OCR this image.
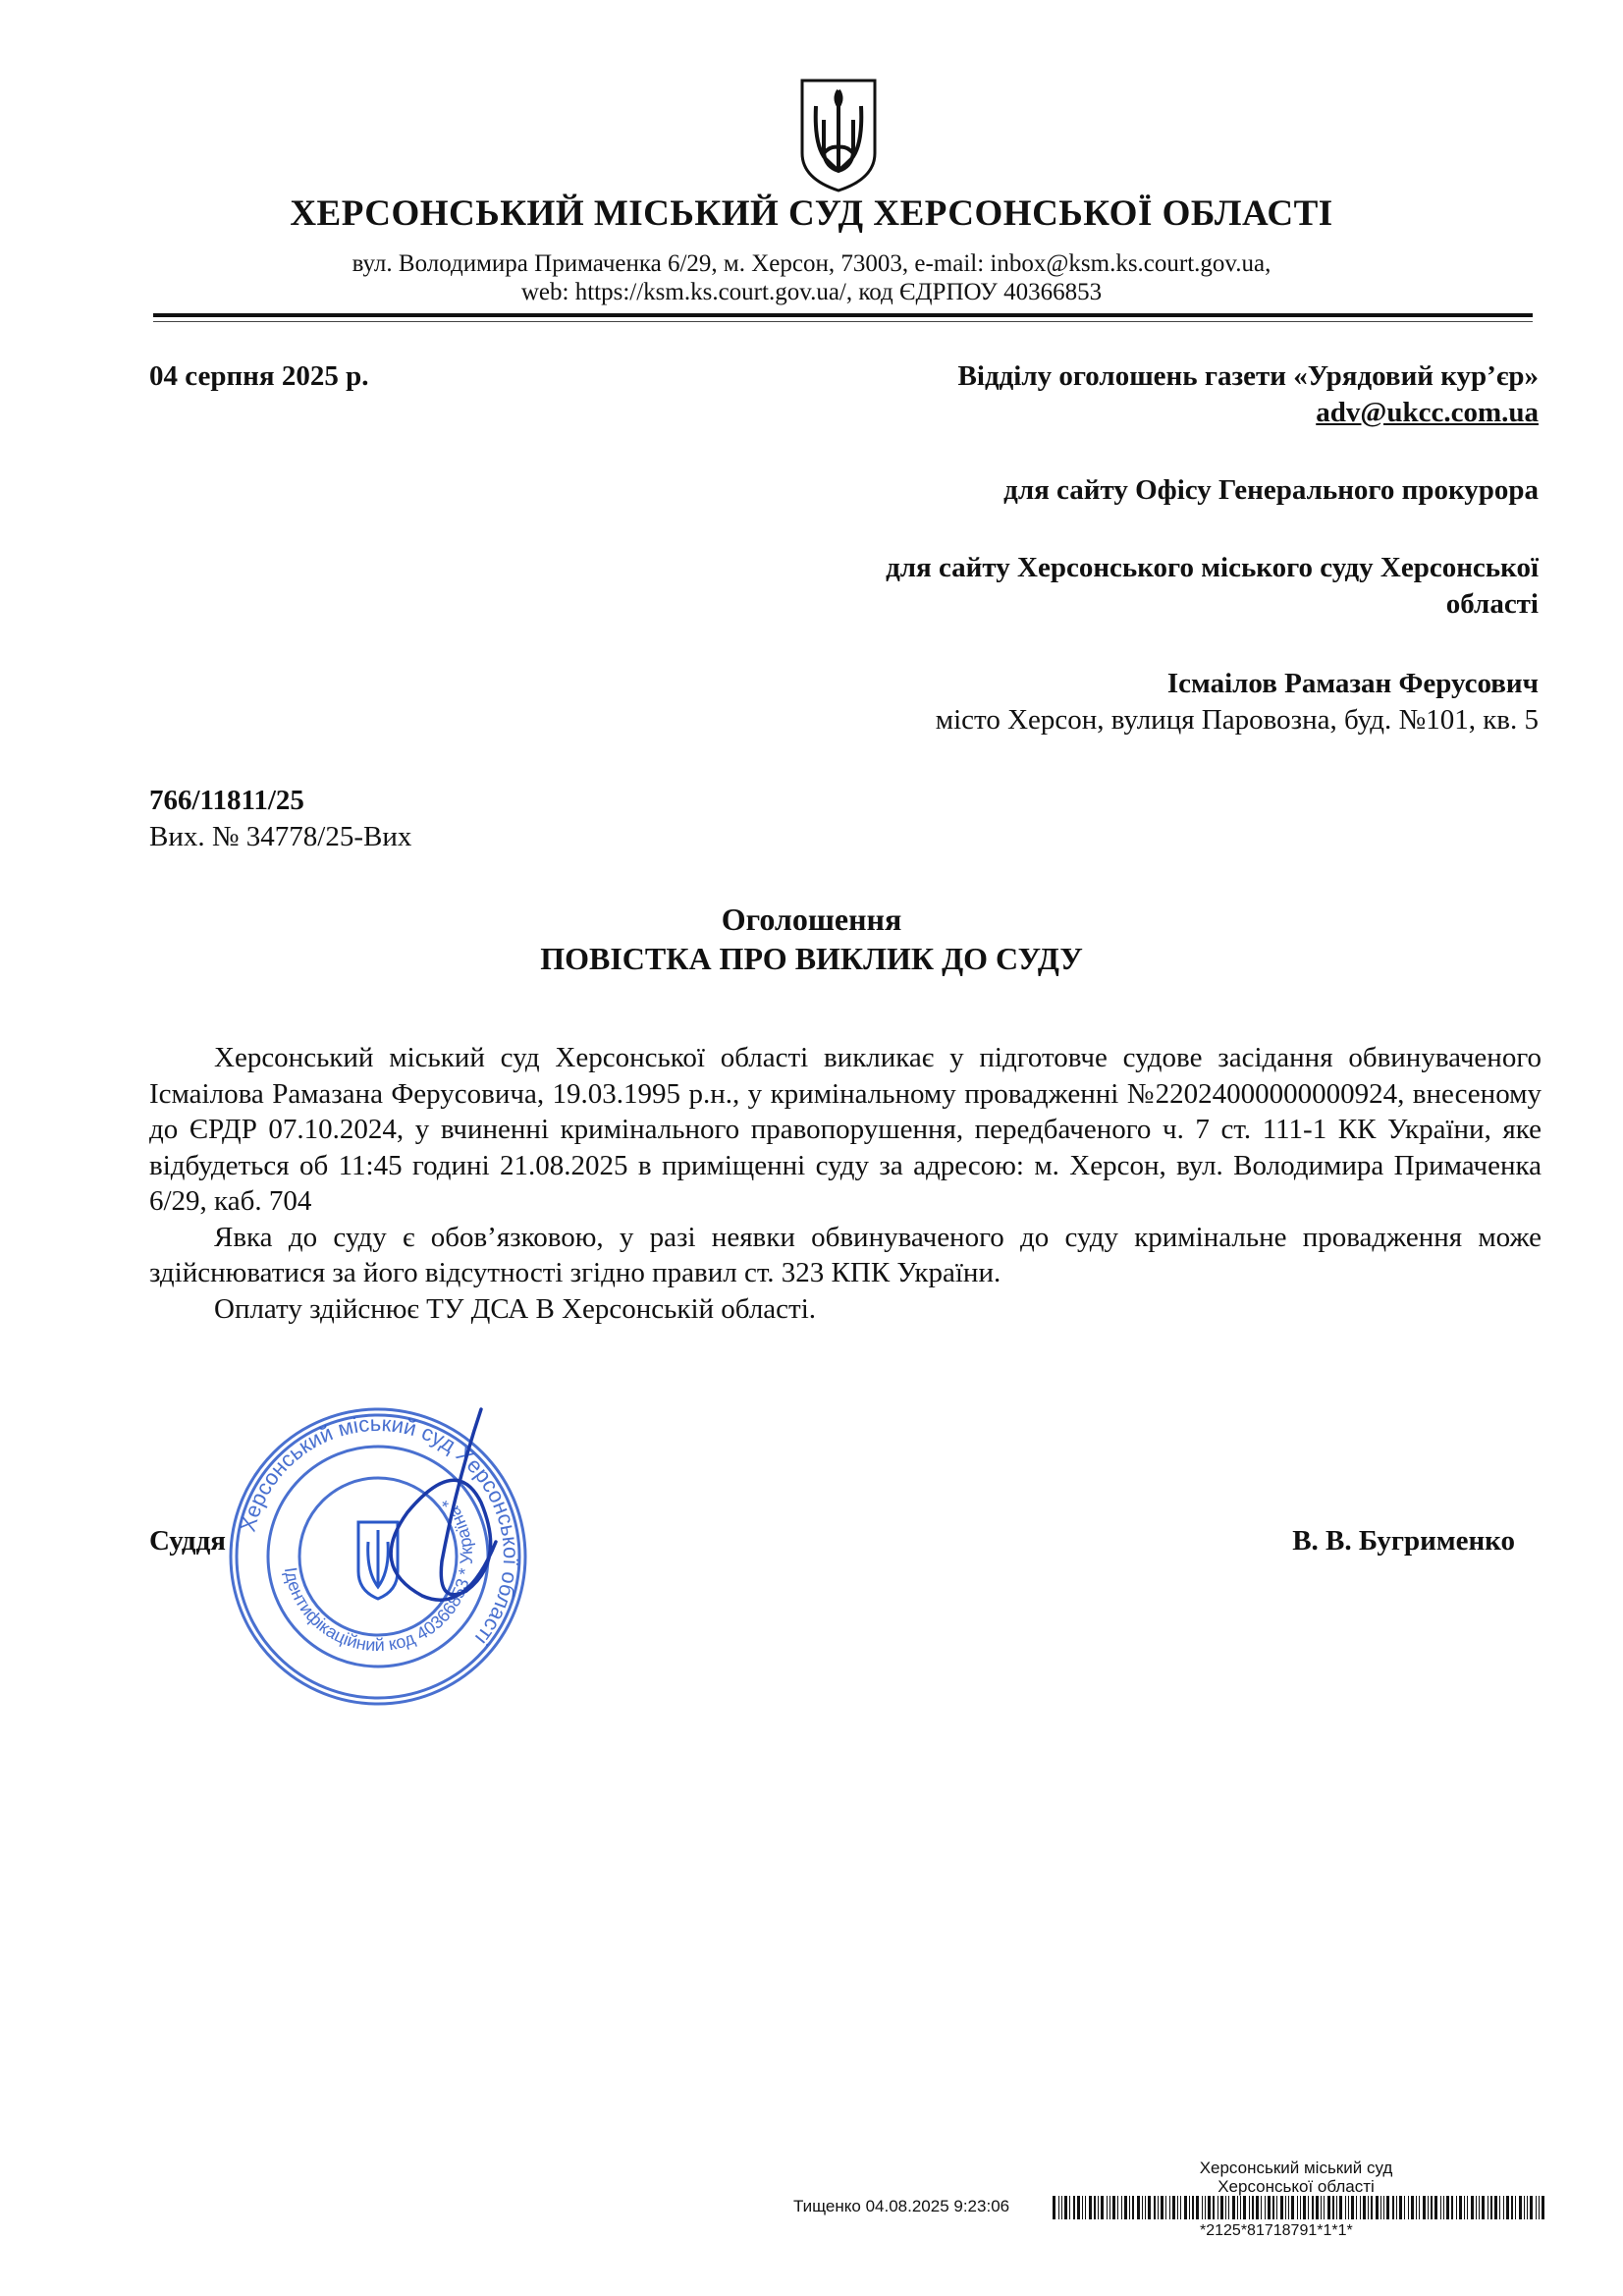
ХЕРСОНСЬКИЙ МІСЬКИЙ СУД ХЕРСОНСЬКОЇ ОБЛАСТІ
вул. Володимира Примаченка 6/29, м. Херсон, 73003, e-mail: inbox@ksm.ks.court.gov.ua,
web: https://ksm.ks.court.gov.ua/, код ЄДРПОУ 40366853
04 серпня 2025 р.	Відділу оголошень газети «Урядовий кур’єр»
adv@ukcc.com.ua
для сайту Офісу Генерального прокурора
для сайту Херсонського міського суду Херсонської
області
Ісмаілов Рамазан Ферусович
місто Херсон, вулиця Паровозна, буд. №101, кв. 5
766/11811/25
Вих. № 34778/25-Вих
Оголошення
ПОВІСТКА ПРО ВИКЛИК ДО СУДУ

Херсонський міський суд Херсонської області викликає у підготовче судове засідання обвинуваченого Ісмаілова Рамазана Ферусовича, 19.03.1995 р.н., у кримінальному провадженні №22024000000000924, внесеному до ЄРДР 07.10.2024, у вчиненні кримінального правопорушення, передбаченого ч. 7 ст. 111-1 КК України, яке відбудеться об 11:45 годині 21.08.2025 в приміщенні суду за адресою: м. Херсон, вул. Володимира Примаченка 6/29, каб. 704

Явка до суду є обов’язковою, у разі неявки обвинуваченого до суду кримінальне провадження може здійснюватися за його відсутності згідно правил ст. 323 КПК України.

Оплату здійснює ТУ ДСА В Херсонській області.

Херсонський міський суд Херсонської області
Ідентифікаційний код 40366853 * Україна *
Суддя	В. В. Бугрименко
Херсонський міський суд
Херсонської області
Тищенко 04.08.2025 9:23:06
*2125*81718791*1*1*
